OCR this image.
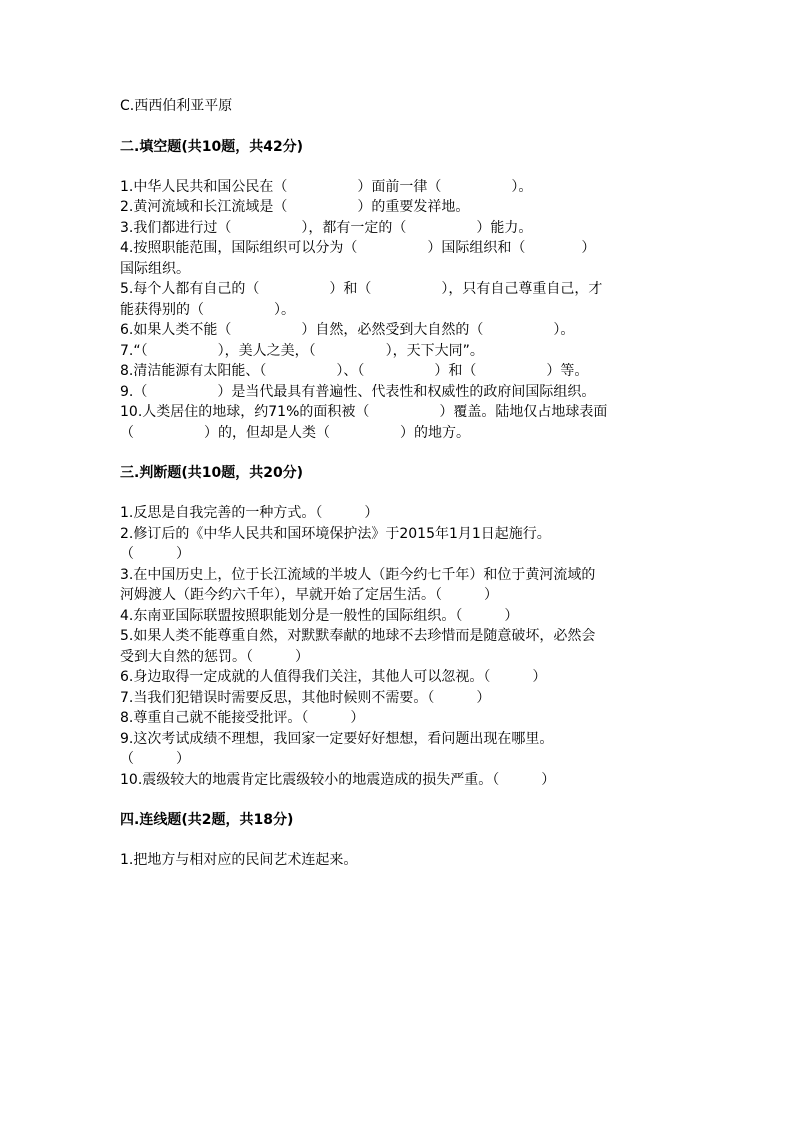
C.西西伯利亚平原
二.填空题(共10题，共42分)
1.中华人民共和国公民在（　　　　　）面前一律（　　　　　）。
2.黄河流域和长江流域是（　　　　　）的重要发祥地。
3.我们都进行过（　　　　　），都有一定的（　　　　　）能力。
4.按照职能范围，国际组织可以分为（　　　　　）国际组织和（　　　　）
国际组织。
5.每个人都有自己的（　　　　　）和（　　　　　），只有自己尊重自己，才
能获得别的（　　　　　）。
6.如果人类不能（　　　　　）自然，必然受到大自然的（　　　　　）。
7.“（　　　　　），美人之美，（　　　　　），天下大同”。
8.清洁能源有太阳能、（　　　　　）、（　　　　　）和（　　　　　）等。
9.（　　　　　）是当代最具有普遍性、代表性和权威性的政府间国际组织。
10.人类居住的地球，约71%的面积被（　　　　　）覆盖。陆地仅占地球表面
（　　　　　）的，但却是人类（　　　　　）的地方。
三.判断题(共10题，共20分)
1.反思是自我完善的一种方式。（　　　）
2.修订后的《中华人民共和国环境保护法》于2015年1月1日起施行。
（　　　）
3.在中国历史上，位于长江流域的半坡人（距今约七千年）和位于黄河流域的
河姆渡人（距今约六千年），早就开始了定居生活。（　　　）
4.东南亚国际联盟按照职能划分是一般性的国际组织。（　　　）
5.如果人类不能尊重自然，对默默奉献的地球不去珍惜而是随意破坏，必然会
受到大自然的惩罚。（　　　）
6.身边取得一定成就的人值得我们关注，其他人可以忽视。（　　　）
7.当我们犯错误时需要反思，其他时候则不需要。（　　　）
8.尊重自己就不能接受批评。（　　　）
9.这次考试成绩不理想，我回家一定要好好想想，看问题出现在哪里。
（　　　）
10.震级较大的地震肯定比震级较小的地震造成的损失严重。（　　　）
四.连线题(共2题，共18分)
1.把地方与相对应的民间艺术连起来。
